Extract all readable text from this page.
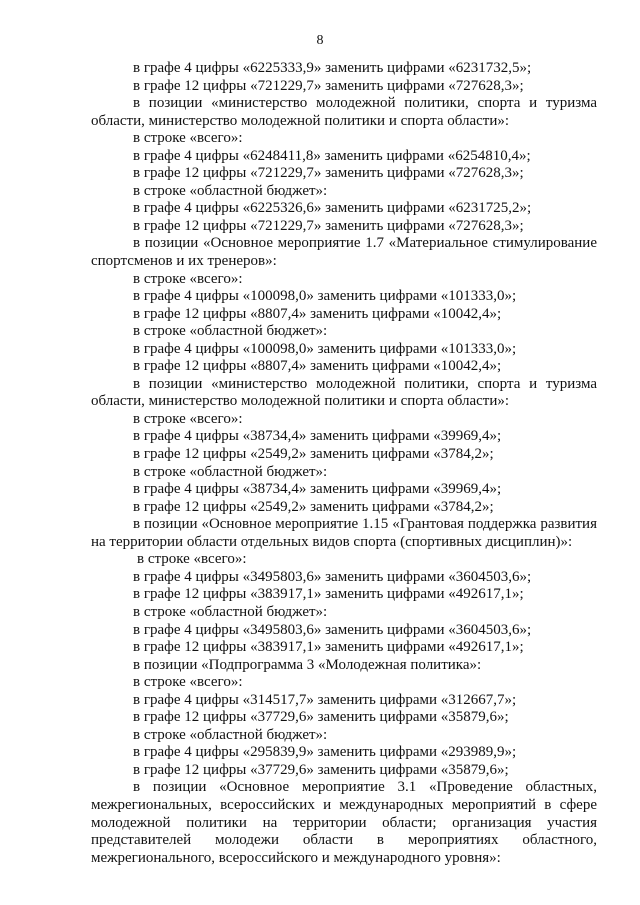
8
в графе 4 цифры «6225333,9» заменить цифрами «6231732,5»;
в графе 12 цифры «721229,7» заменить цифрами «727628,3»;
в позиции «министерство молодежной политики, спорта и туризма
области, министерство молодежной политики и спорта области»:
в строке «всего»:
в графе 4 цифры «6248411,8» заменить цифрами «6254810,4»;
в графе 12 цифры «721229,7» заменить цифрами «727628,3»;
в строке «областной бюджет»:
в графе 4 цифры «6225326,6» заменить цифрами «6231725,2»;
в графе 12 цифры «721229,7» заменить цифрами «727628,3»;
в позиции «Основное мероприятие 1.7 «Материальное стимулирование
спортсменов и их тренеров»:
в строке «всего»:
в графе 4 цифры «100098,0» заменить цифрами «101333,0»;
в графе 12 цифры «8807,4» заменить цифрами «10042,4»;
в строке «областной бюджет»:
в графе 4 цифры «100098,0» заменить цифрами «101333,0»;
в графе 12 цифры «8807,4» заменить цифрами «10042,4»;
в позиции «министерство молодежной политики, спорта и туризма
области, министерство молодежной политики и спорта области»:
в строке «всего»:
в графе 4 цифры «38734,4» заменить цифрами «39969,4»;
в графе 12 цифры «2549,2» заменить цифрами «3784,2»;
в строке «областной бюджет»:
в графе 4 цифры «38734,4» заменить цифрами «39969,4»;
в графе 12 цифры «2549,2» заменить цифрами «3784,2»;
в позиции «Основное мероприятие 1.15 «Грантовая поддержка развития
на территории области отдельных видов спорта (спортивных дисциплин)»:
в строке «всего»:
в графе 4 цифры «3495803,6» заменить цифрами «3604503,6»;
в графе 12 цифры «383917,1» заменить цифрами «492617,1»;
в строке «областной бюджет»:
в графе 4 цифры «3495803,6» заменить цифрами «3604503,6»;
в графе 12 цифры «383917,1» заменить цифрами «492617,1»;
в позиции «Подпрограмма 3 «Молодежная политика»:
в строке «всего»:
в графе 4 цифры «314517,7» заменить цифрами «312667,7»;
в графе 12 цифры «37729,6» заменить цифрами «35879,6»;
в строке «областной бюджет»:
в графе 4 цифры «295839,9» заменить цифрами «293989,9»;
в графе 12 цифры «37729,6» заменить цифрами «35879,6»;
в позиции «Основное мероприятие 3.1 «Проведение областных,
межрегиональных, всероссийских и международных мероприятий в сфере
молодежной политики на территории области; организация участия
представителей молодежи области в мероприятиях областного,
межрегионального, всероссийского и международного уровня»:
